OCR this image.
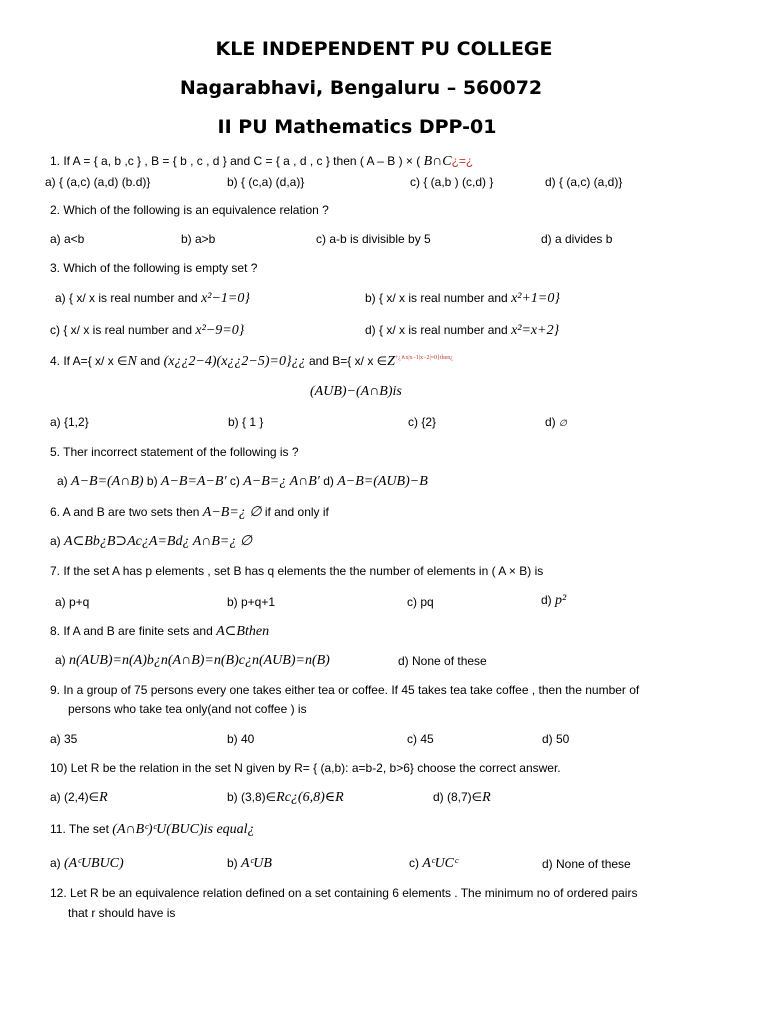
KLE INDEPENDENT PU COLLEGE
Nagarabhavi, Bengaluru – 560072
II PU Mathematics DPP-01
1. If A = { a, b ,c } , B = { b , c , d } and C = { a , d , c } then ( A – B ) × ( B∩C¿=¿
a) { (a,c) (a,d) (b.d)}	b) { (c,a) (d,a)}	c) { (a,b ) (c,d) }	d) { (a,c) (a,d)}
2. Which of the following is an equivalence relation ?
a) a<b	b) a>b	c) a-b is divisible by 5	d) a divides b
3. Which of the following is empty set ?
a) { x/ x is real number and x²−1=0}	b) { x/ x is real number and x²+1=0}
c) { x/ x is real number and x²−9=0}	d) { x/ x is real number and x²=x+2}
4. If A={ x/ x ∈N and (x¿¿2−4)(x¿¿2−5)=0}¿¿ and B={ x/ x $\in Z^{+¿\wedge x|x-1|x-2|=0\}then¿}$
(AUB)−(A∩B)is
a) {1,2}	b) { 1 }	c) {2}	d) ∅
5. Ther incorrect statement of the following is ?
a) A−B=(A∩B) b) A−B=A−B′ c) A−B=¿ A∩B′ d) A−B=(AUB)−B
6. A and B are two sets then A−B=¿ ∅ if and only if
a) A⊂Bb¿B⊃Ac¿A=Bd¿ A∩B=¿ ∅
7. If the set A has p elements , set B has q elements the the number of elements in ( A × B) is
a) p+q	b) p+q+1	c) pq	d) p²
8. If A and B are finite sets and A⊂Bthen
a) n(AUB)=n(A)b¿n(A∩B)=n(B)c¿n(AUB)=n(B)	d) None of these
9. In a group of 75 persons every one takes either tea or coffee. If 45 takes tea take coffee , then the number of
persons who take tea only(and not coffee ) is
a) 35	b) 40	c) 45	d) 50
10) Let R be the relation in the set N given by R= { (a,b): a=b-2, b>6} choose the correct answer.
a) (2,4)∈R	b) (3,8)∈Rc¿(6,8)∈R	d) (8,7)∈R
11. The set (A∩Bᶜ)ᶜU(BUC)is equal¿
a) (AᶜUBUC)	b) AᶜUB	c) AᶜUCᶜ	d) None of these
12. Let R be an equivalence relation defined on a set containing 6 elements . The minimum no of ordered pairs
that r should have is
